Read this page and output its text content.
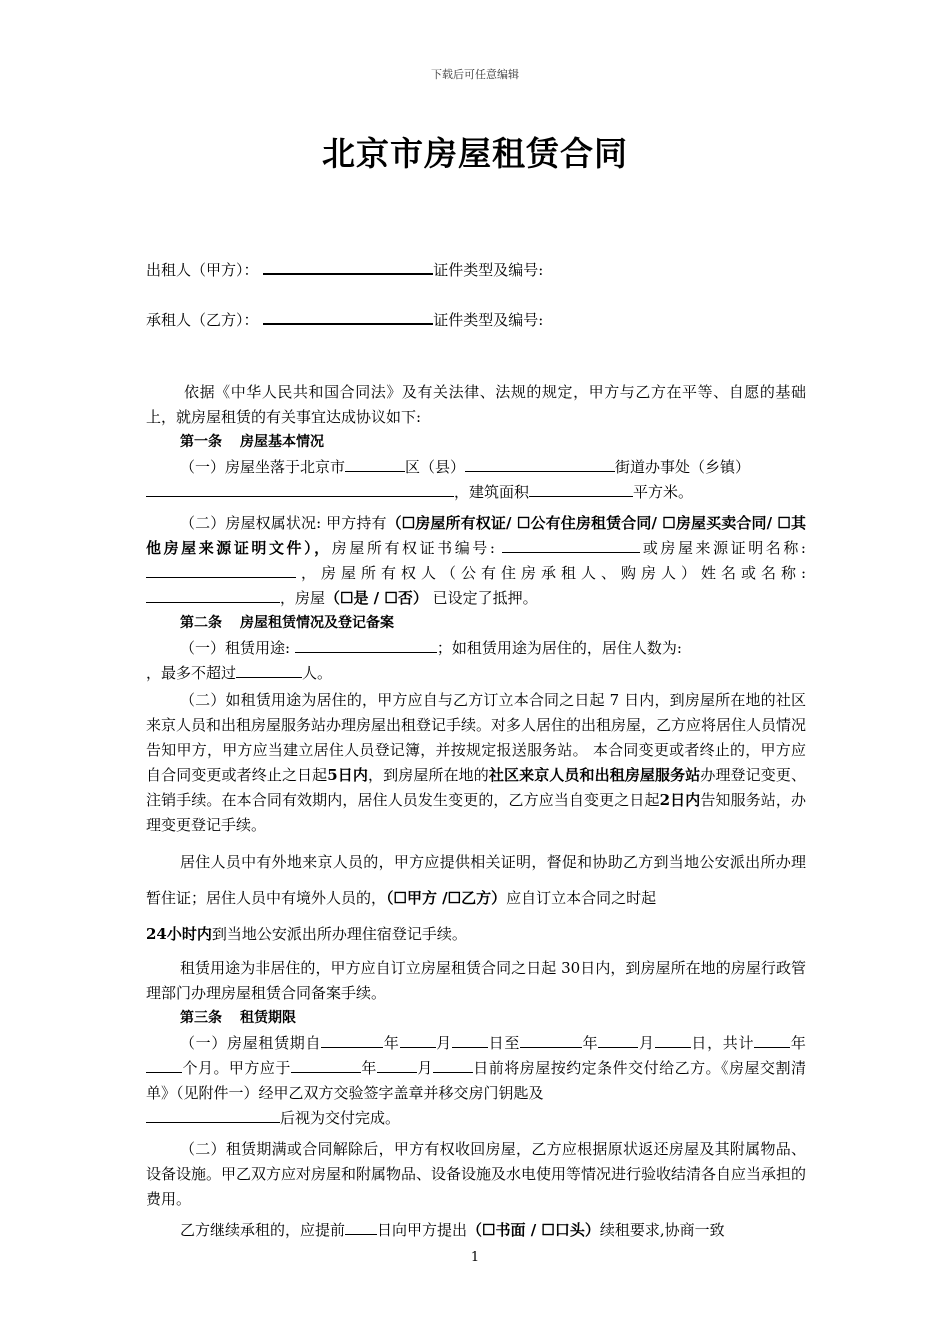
下载后可任意编辑
北京市房屋租赁合同
出租人（甲方）：	证件类型及编号:
承租人（乙方）：	证件类型及编号:

依据《中华人民共和国合同法》及有关法律、法规的规定，甲方与乙方在平等、自愿的基础上，就房屋租赁的有关事宜达成协议如下:

第一条 房屋基本情况

（一）房屋坐落于北京市	区（县）	街道办事处（乡镇）
，建筑面积	平方米。

（二）房屋权属状况: 甲方持有（☐房屋所有权证/ ☐公有住房租赁合同/ ☐房屋买卖合同/ ☐其他房屋来源证明文件），房屋所有权证书编号:	或房屋来源证明名称: ，房屋所有权人（公有住房承租人、购房人）姓名或名称: ，房屋（☐是 / ☐否） 已设定了抵押。

第二条 房屋租赁情况及登记备案

（一）租赁用途:	；如租赁用途为居住的，居住人数为:
，最多不超过	人。

（二）如租赁用途为居住的，甲方应自与乙方订立本合同之日起 7 日内，到房屋所在地的社区来京人员和出租房屋服务站办理房屋出租登记手续。对多人居住的出租房屋，乙方应将居住人员情况告知甲方，甲方应当建立居住人员登记簿，并按规定报送服务站。 本合同变更或者终止的，甲方应自合同变更或者终止之日起5日内，到房屋所在地的社区来京人员和出租房屋服务站办理登记变更、注销手续。在本合同有效期内，居住人员发生变更的，乙方应当自变更之日起2日内告知服务站，办理变更登记手续。

居住人员中有外地来京人员的，甲方应提供相关证明，督促和协助乙方到当地公安派出所办理暂住证；居住人员中有境外人员的，（☐甲方 /☐乙方）应自订立本合同之时起
24小时内到当地公安派出所办理住宿登记手续。

租赁用途为非居住的，甲方应自订立房屋租赁合同之日起 30日内，到房屋所在地的房屋行政管理部门办理房屋租赁合同备案手续。

第三条 租赁期限

（一）房屋租赁期自	年 月 日至	年	月 日，共计 年个月。甲方应于	年	月	日前将房屋按约定条件交付给乙方。《房屋交割清单》（见附件一）经甲乙双方交验签字盖章并移交房门钥匙及
后视为交付完成。

（二）租赁期满或合同解除后，甲方有权收回房屋，乙方应根据原状返还房屋及其附属物品、设备设施。甲乙双方应对房屋和附属物品、设备设施及水电使用等情况进行验收结清各自应当承担的费用。

乙方继续承租的，应提前 日向甲方提出（☐书面 / ☐口头）续租要求,协商一致

1
